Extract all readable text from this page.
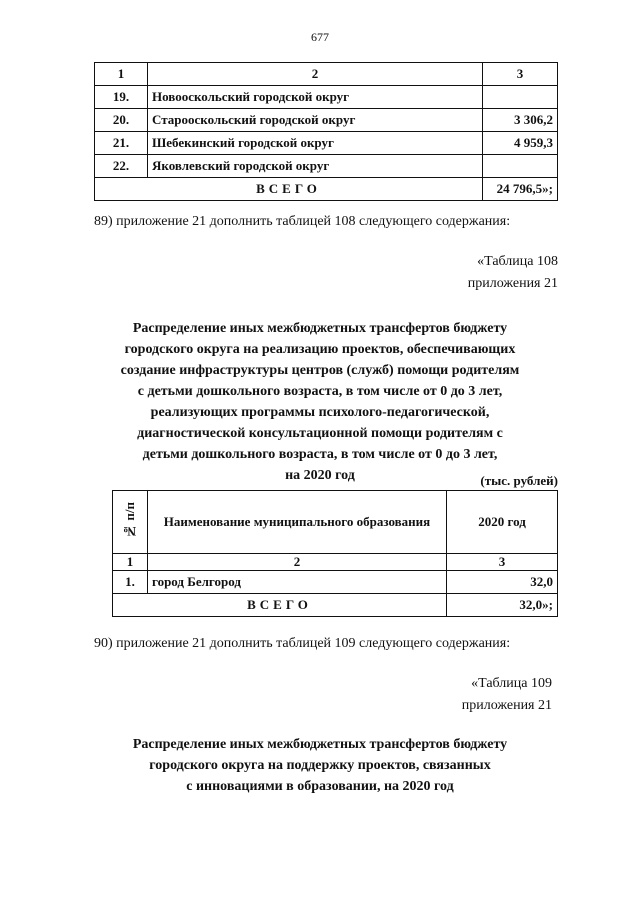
677
1	2	3
19.	Новооскольский городской округ	
20.	Старооскольский городской округ	3 306,2
21.	Шебекинский городской округ	4 959,3
22.	Яковлевский городской округ	
ВСЕГО		24 796,5»;
89) приложение 21 дополнить таблицей 108 следующего содержания:
«Таблица 108
приложения 21
Распределение иных межбюджетных трансфертов бюджету
городского округа на реализацию проектов, обеспечивающих
создание инфраструктуры центров (служб) помощи родителям
с детьми дошкольного возраста, в том числе от 0 до 3 лет,
реализующих программы психолого-педагогической,
диагностической консультационной помощи родителям с
детьми дошкольного возраста, в том числе от 0 до 3 лет,
на 2020 год	(тыс. рублей)
№ п/п	Наименование муниципального образования	2020 год
1	2	3
1.	город Белгород	32,0
ВСЕГО		32,0»;
90) приложение 21 дополнить таблицей 109 следующего содержания:
«Таблица 109
приложения 21
Распределение иных межбюджетных трансфертов бюджету
городского округа на поддержку проектов, связанных
с инновациями в образовании, на 2020 год
